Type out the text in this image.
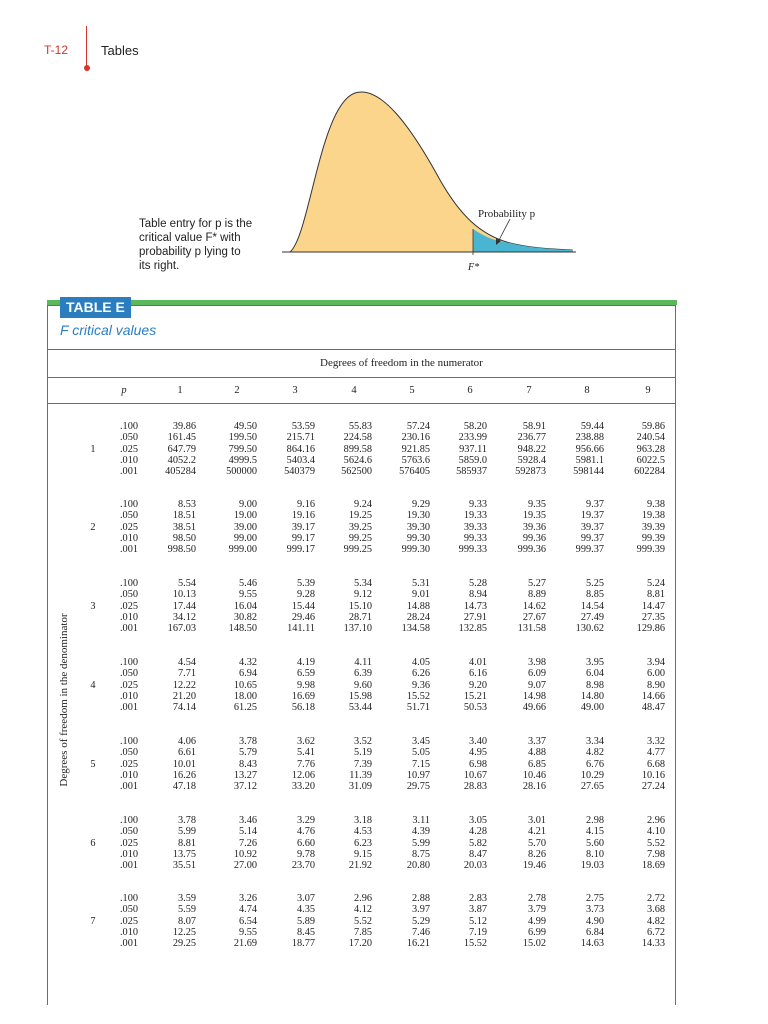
T-12	Tables
Table entry for p is the
critical value F* with
probability p lying to
its right.
Probability p
F*
TABLE E
F critical values
Degrees of freedom in the numerator
Degrees of freedom in the denominator
p	1	2	3	4	5	6	7	8	9
1
.100	39.86	49.50	53.59	55.83	57.24	58.20	58.91	59.44	59.86
.050	161.45	199.50	215.71	224.58	230.16	233.99	236.77	238.88	240.54
.025	647.79	799.50	864.16	899.58	921.85	937.11	948.22	956.66	963.28
.010	4052.2	4999.5	5403.4	5624.6	5763.6	5859.0	5928.4	5981.1	6022.5
.001	405284	500000	540379	562500	576405	585937	592873	598144	602284
2
.100	8.53	9.00	9.16	9.24	9.29	9.33	9.35	9.37	9.38
.050	18.51	19.00	19.16	19.25	19.30	19.33	19.35	19.37	19.38
.025	38.51	39.00	39.17	39.25	39.30	39.33	39.36	39.37	39.39
.010	98.50	99.00	99.17	99.25	99.30	99.33	99.36	99.37	99.39
.001	998.50	999.00	999.17	999.25	999.30	999.33	999.36	999.37	999.39
3
.100	5.54	5.46	5.39	5.34	5.31	5.28	5.27	5.25	5.24
.050	10.13	9.55	9.28	9.12	9.01	8.94	8.89	8.85	8.81
.025	17.44	16.04	15.44	15.10	14.88	14.73	14.62	14.54	14.47
.010	34.12	30.82	29.46	28.71	28.24	27.91	27.67	27.49	27.35
.001	167.03	148.50	141.11	137.10	134.58	132.85	131.58	130.62	129.86
4
.100	4.54	4.32	4.19	4.11	4.05	4.01	3.98	3.95	3.94
.050	7.71	6.94	6.59	6.39	6.26	6.16	6.09	6.04	6.00
.025	12.22	10.65	9.98	9.60	9.36	9.20	9.07	8.98	8.90
.010	21.20	18.00	16.69	15.98	15.52	15.21	14.98	14.80	14.66
.001	74.14	61.25	56.18	53.44	51.71	50.53	49.66	49.00	48.47
5
.100	4.06	3.78	3.62	3.52	3.45	3.40	3.37	3.34	3.32
.050	6.61	5.79	5.41	5.19	5.05	4.95	4.88	4.82	4.77
.025	10.01	8.43	7.76	7.39	7.15	6.98	6.85	6.76	6.68
.010	16.26	13.27	12.06	11.39	10.97	10.67	10.46	10.29	10.16
.001	47.18	37.12	33.20	31.09	29.75	28.83	28.16	27.65	27.24
6
.100	3.78	3.46	3.29	3.18	3.11	3.05	3.01	2.98	2.96
.050	5.99	5.14	4.76	4.53	4.39	4.28	4.21	4.15	4.10
.025	8.81	7.26	6.60	6.23	5.99	5.82	5.70	5.60	5.52
.010	13.75	10.92	9.78	9.15	8.75	8.47	8.26	8.10	7.98
.001	35.51	27.00	23.70	21.92	20.80	20.03	19.46	19.03	18.69
7
.100	3.59	3.26	3.07	2.96	2.88	2.83	2.78	2.75	2.72
.050	5.59	4.74	4.35	4.12	3.97	3.87	3.79	3.73	3.68
.025	8.07	6.54	5.89	5.52	5.29	5.12	4.99	4.90	4.82
.010	12.25	9.55	8.45	7.85	7.46	7.19	6.99	6.84	6.72
.001	29.25	21.69	18.77	17.20	16.21	15.52	15.02	14.63	14.33
